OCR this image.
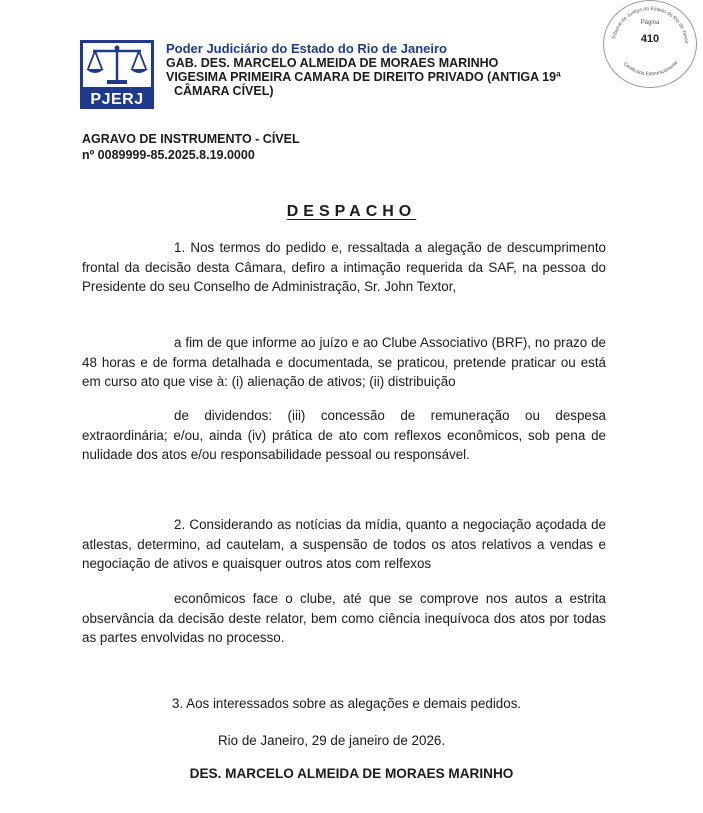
PJERJ
Poder Judiciário do Estado do Rio de Janeiro
GAB. DES. MARCELO ALMEIDA DE MORAES MARINHO
VIGESIMA PRIMEIRA CAMARA DE DIREITO PRIVADO (ANTIGA 19ª
CÂMARA CÍVEL)
Tribunal de Justiça do Estado do Rio de Janeir
Certificado Eletronicamente
Página
410
AGRAVO DE INSTRUMENTO - CÍVEL
nº 0089999-85.2025.8.19.0000
DESPACHO

1. Nos termos do pedido e, ressaltada a alegação de descumprimento frontal da decisão desta Câmara, defiro a intimação requerida da SAF, na pessoa do Presidente do seu Conselho de Administração, Sr. John Textor,

a fim de que informe ao juízo e ao Clube Associativo (BRF), no prazo de 48 horas e de forma detalhada e documentada, se praticou, pretende praticar ou está em curso ato que vise à: (i) alienação de ativos; (ii) distribuição

de dividendos: (iii) concessão de remuneração ou despesa extraordinária; e/ou, ainda (iv) prática de ato com reflexos econômicos, sob pena de nulidade dos atos e/ou responsabilidade pessoal ou responsável.

2. Considerando as notícias da mídia, quanto a negociação açodada de atlestas, determino, ad cautelam, a suspensão de todos os atos relativos a vendas e negociação de ativos e quaisquer outros atos com relfexos

econômicos face o clube, até que se comprove nos autos a estrita observância da decisão deste relator, bem como ciência inequívoca dos atos por todas as partes envolvidas no processo.

3. Aos interessados sobre as alegações e demais pedidos.
Rio de Janeiro, 29 de janeiro de 2026.
DES. MARCELO ALMEIDA DE MORAES MARINHO
